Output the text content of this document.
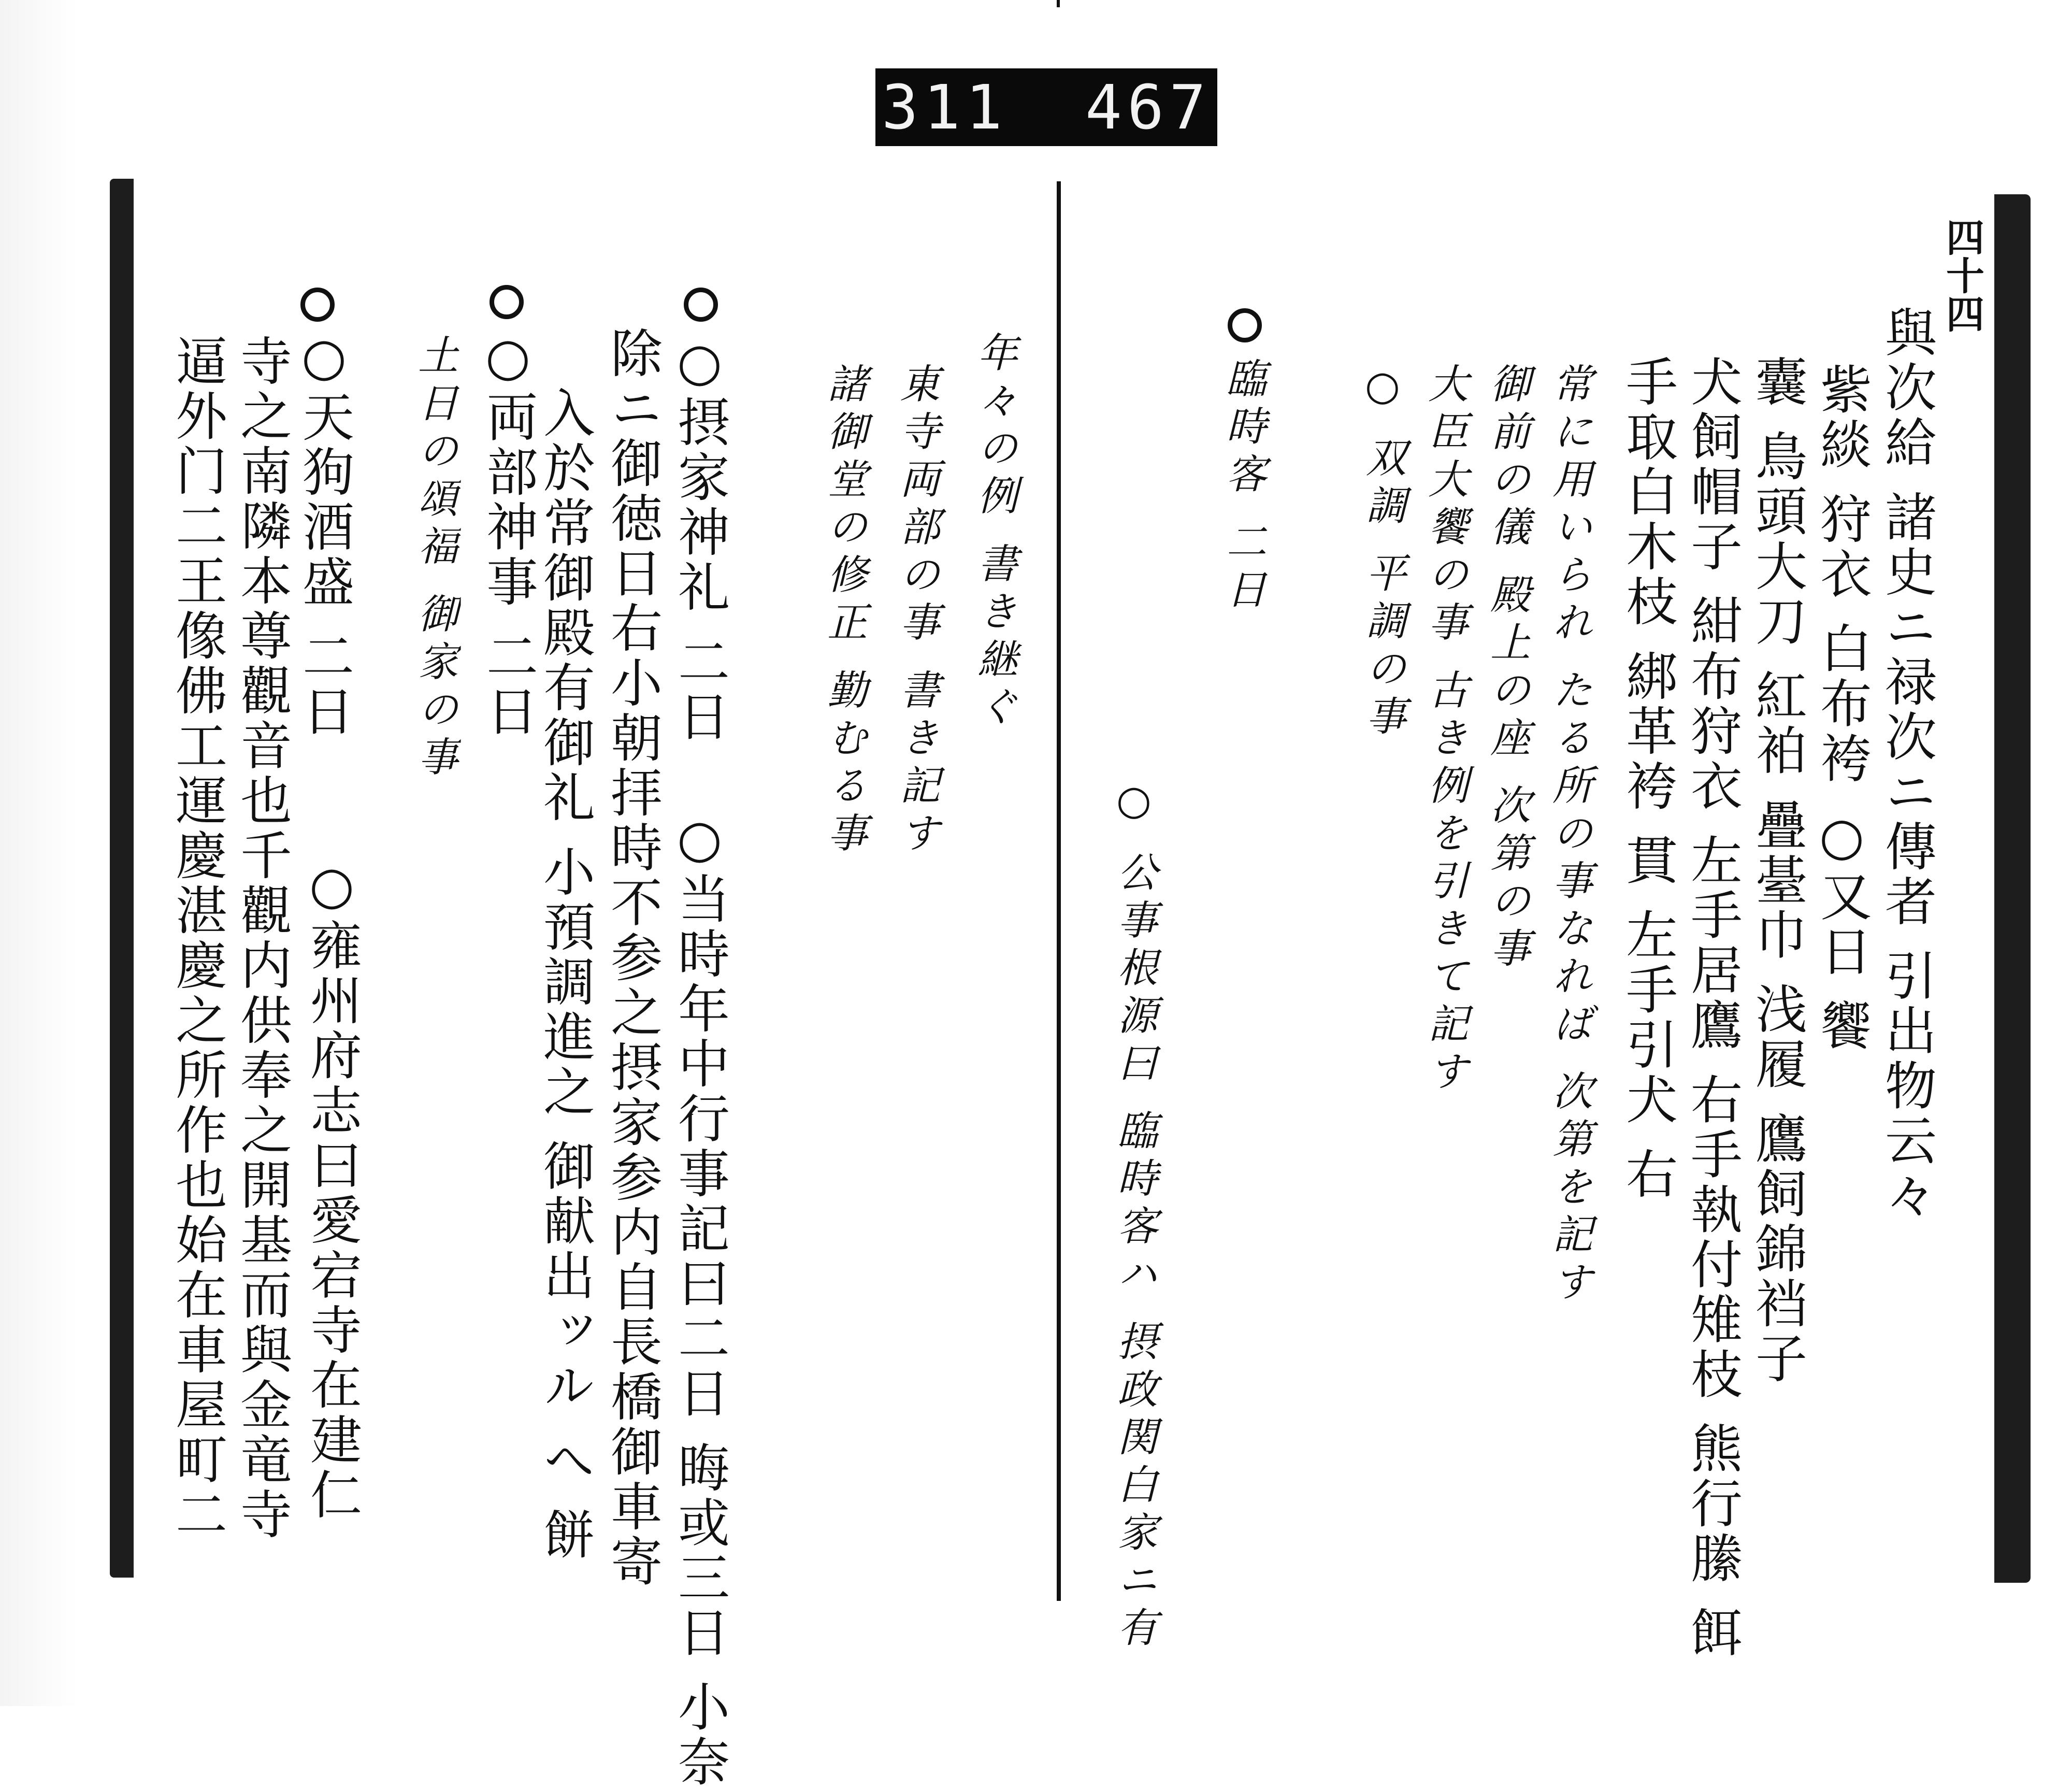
311 467
四十四
與次給 諸史ニ禄次ニ傳者 引出物云々
紫緂 狩衣 白布袴 ○又日 饗
囊 鳥頭大刀 紅袙 疊䑓巾 浅履 鷹飼錦裆子
犬飼帽子 紺布狩衣 左手居鷹 右手執付雉枝 熊行縢 餌
手取白木枝 綁革袴 貫 左手引犬 右
常に用いられ たる所の事なれば 次第を記す
御前の儀 殿上の座 次第の事
大臣大饗の事 古き例を引きて記す
○ 双調 平調の事
臨時客 二日
○ 公事根源曰 臨時客ハ 摂政関白家ニ有
年々の例 書き継ぐ
東寺両部の事 書き記す
諸御堂の修正 勤むる事
○摂家神礼 二日
○当時年中行事記曰二日 晦或三日 小奈
除ニ御徳日右小朝拝時不参之摂家参内自長橋御車寄
入於常御殿有御礼 小預調進之 御献出ッル へ 餅
○両部神事 二日
土日の頌福 御家の事
○雍州府志曰愛宕寺在建仁
○天狗酒盛 二日
寺之南隣本尊觀音也千觀内供奉之開基而與金竜寺
逼外门二王像佛工運慶湛慶之所作也始在車屋町二
